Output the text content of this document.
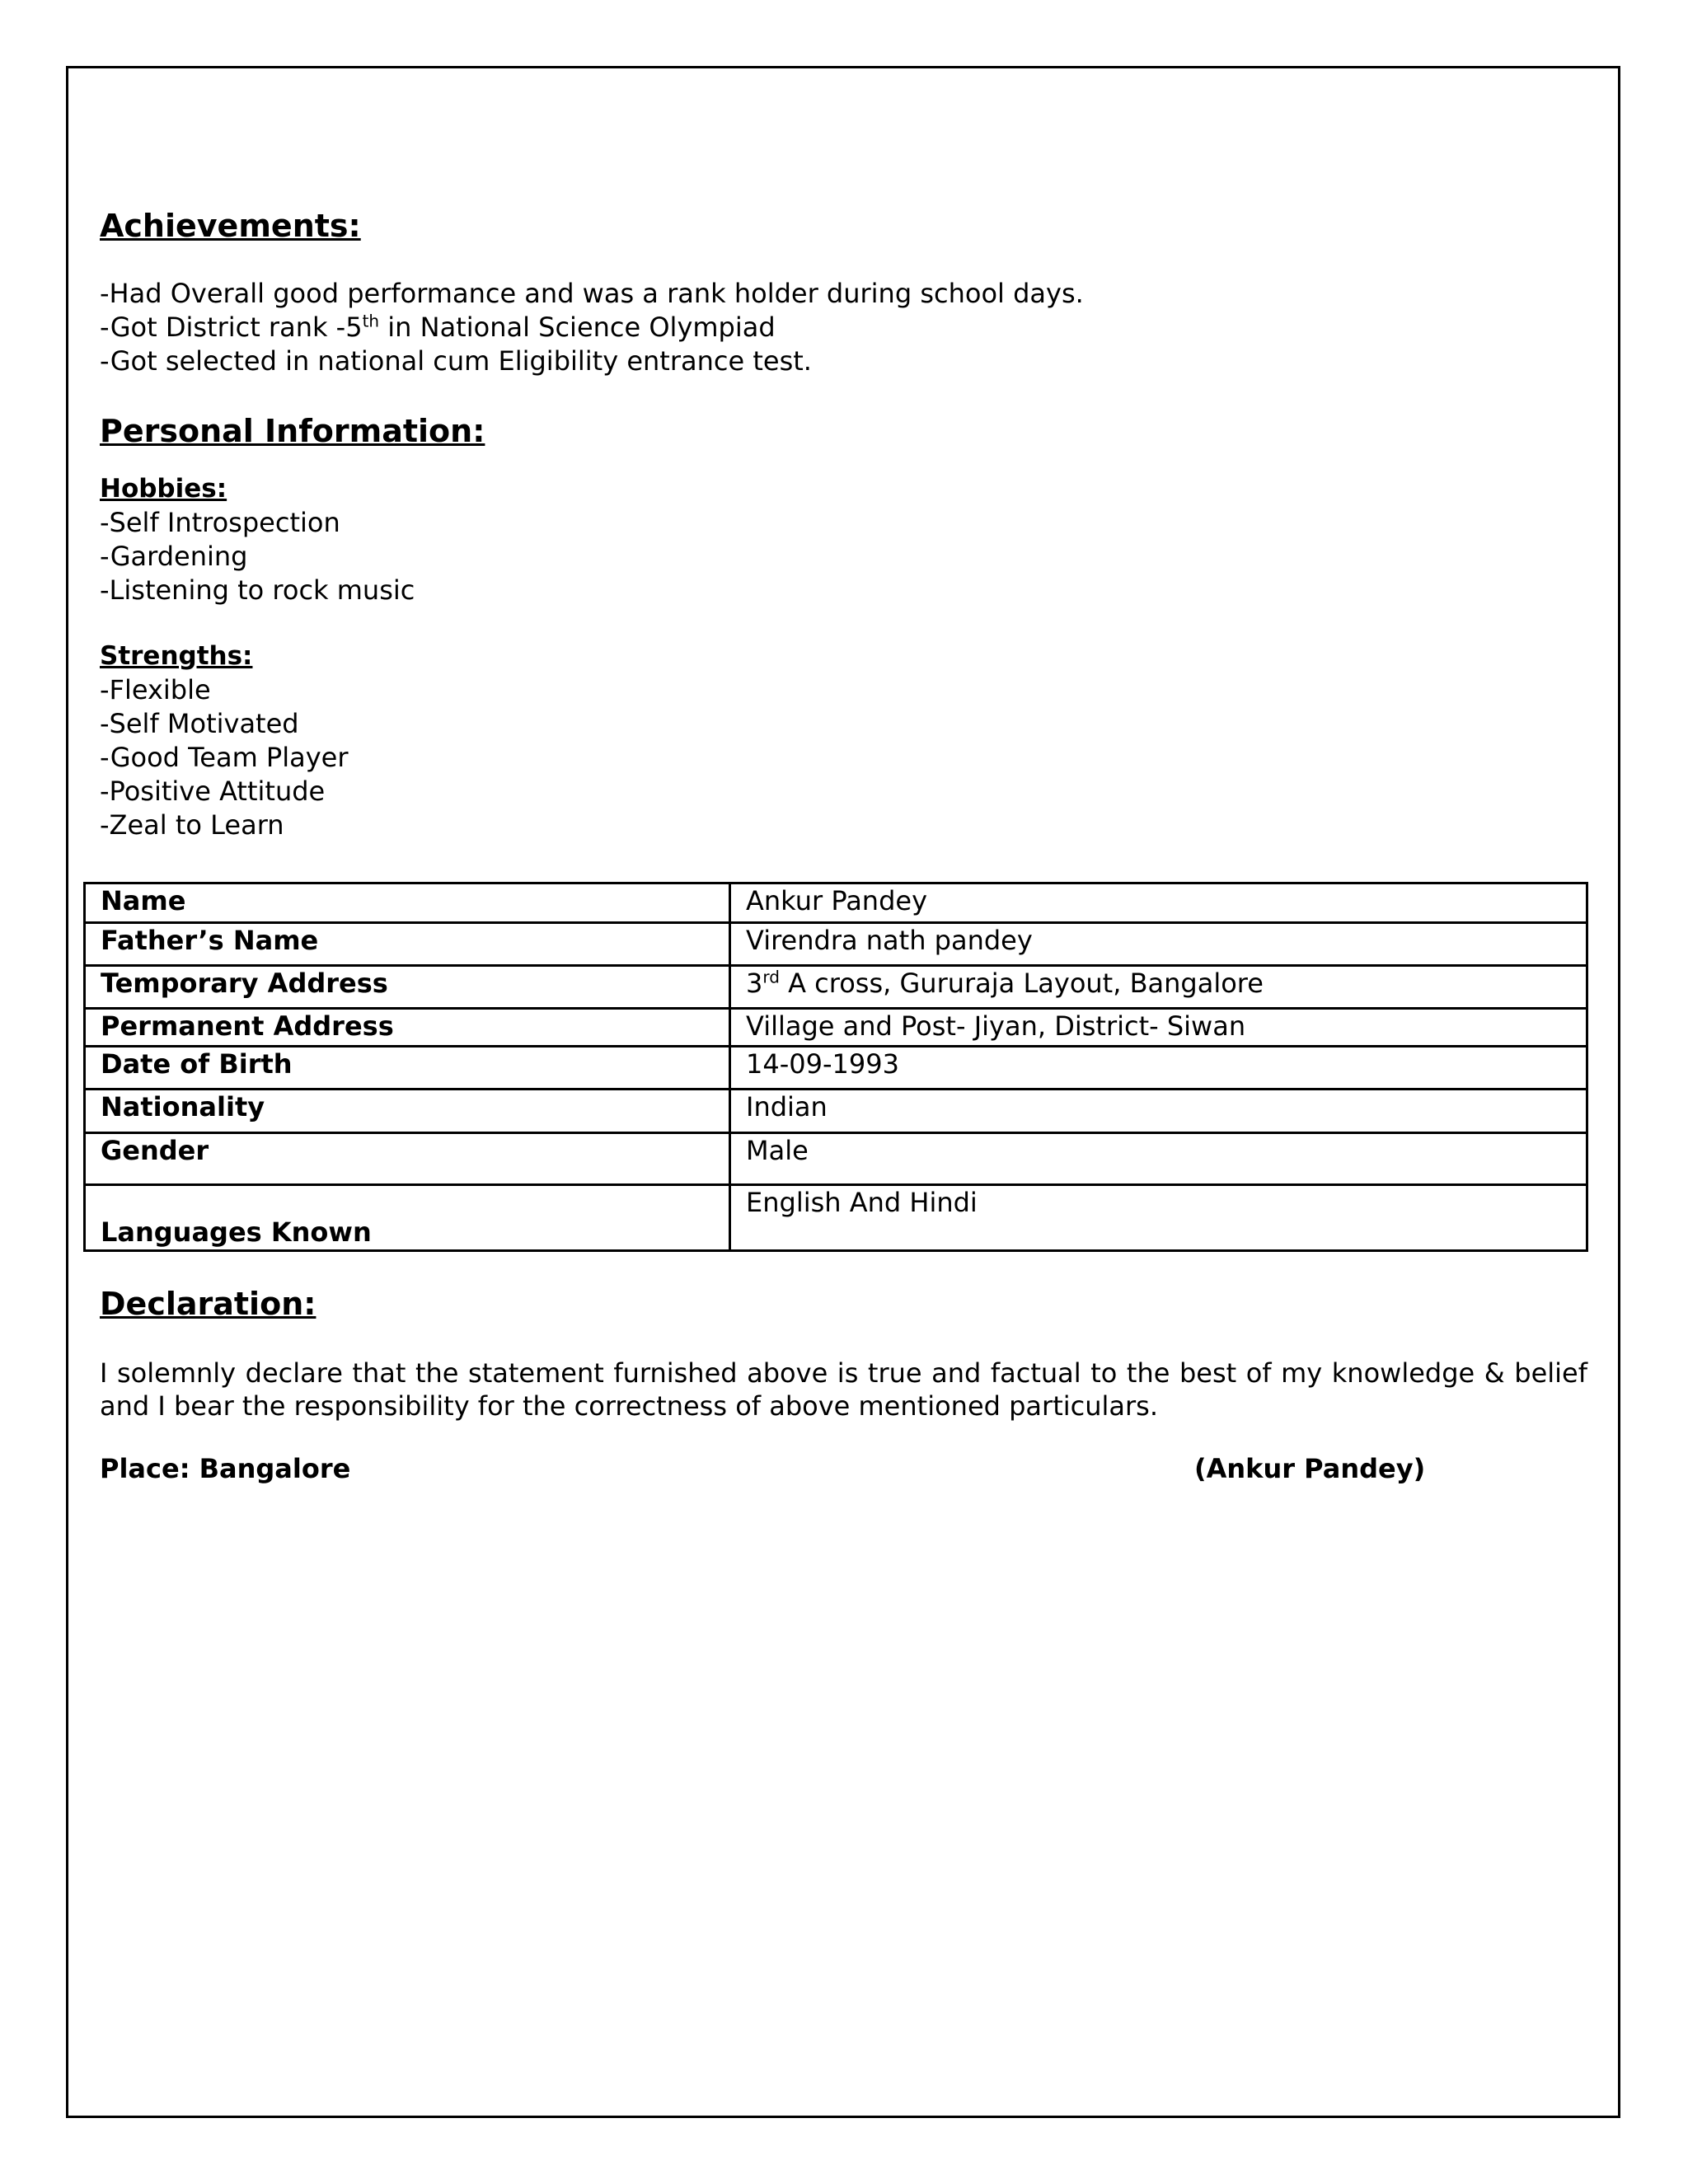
Achievements:

-Had Overall good performance and was a rank holder during school days.

-Got District rank -5th in National Science Olympiad

-Got selected in national cum Eligibility entrance test.

Personal Information:

Hobbies:

-Self Introspection

-Gardening

-Listening to rock music

Strengths:

-Flexible

-Self Motivated

-Good Team Player

-Positive Attitude

-Zeal to Learn

Name	Ankur Pandey
Father’s Name	Virendra nath pandey
Temporary Address	3rd A cross, Gururaja Layout, Bangalore
Permanent Address	Village and Post- Jiyan, District- Siwan
Date of Birth	14-09-1993
Nationality	Indian
Gender	Male
Languages Known	English And Hindi

Declaration:

I solemnly declare that the statement furnished above is true and factual to the best of my knowledge & belief and I bear the responsibility for the correctness of above mentioned particulars.

Place: Bangalore	(Ankur Pandey)
